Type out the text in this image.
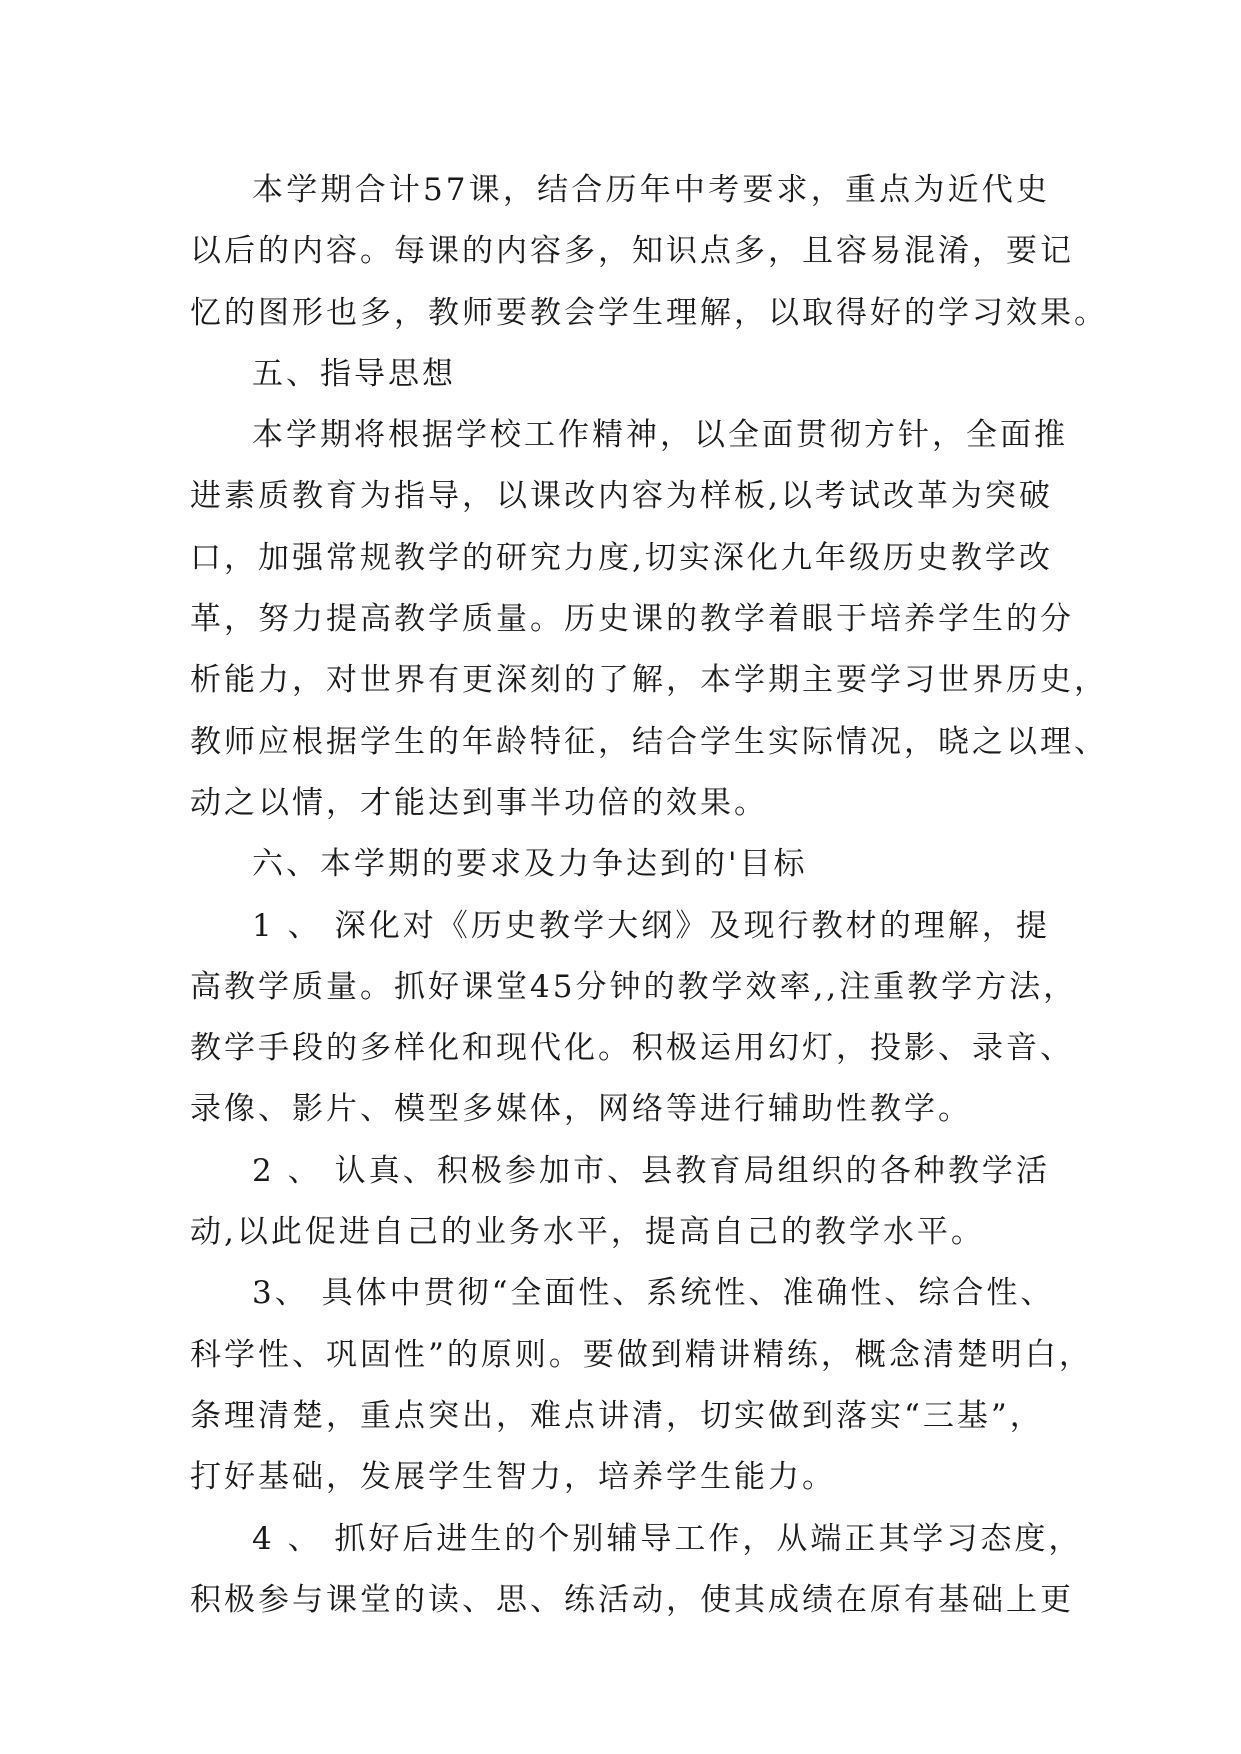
本学期合计57课，结合历年中考要求，重点为近代史
以后的内容。每课的内容多，知识点多，且容易混淆，要记
忆的图形也多，教师要教会学生理解，以取得好的学习效果。
五、指导思想
本学期将根据学校工作精神，以全面贯彻方针，全面推
进素质教育为指导，以课改内容为样板,以考试改革为突破
口，加强常规教学的研究力度,切实深化九年级历史教学改
革，努力提高教学质量。历史课的教学着眼于培养学生的分
析能力，对世界有更深刻的了解，本学期主要学习世界历史，
教师应根据学生的年龄特征，结合学生实际情况，晓之以理、
动之以情，才能达到事半功倍的效果。
六、本学期的要求及力争达到的'目标
1 、 深化对《历史教学大纲》及现行教材的理解，提
高教学质量。抓好课堂45分钟的教学效率,,注重教学方法，
教学手段的多样化和现代化。积极运用幻灯，投影、录音、
录像、影片、模型多媒体，网络等进行辅助性教学。
2 、 认真、积极参加市、县教育局组织的各种教学活
动,以此促进自己的业务水平，提高自己的教学水平。
3、 具体中贯彻“全面性、系统性、准确性、综合性、
科学性、巩固性”的原则。要做到精讲精练，概念清楚明白，
条理清楚，重点突出，难点讲清，切实做到落实“三基”，
打好基础，发展学生智力，培养学生能力。
4 、 抓好后进生的个别辅导工作，从端正其学习态度，
积极参与课堂的读、思、练活动，使其成绩在原有基础上更
